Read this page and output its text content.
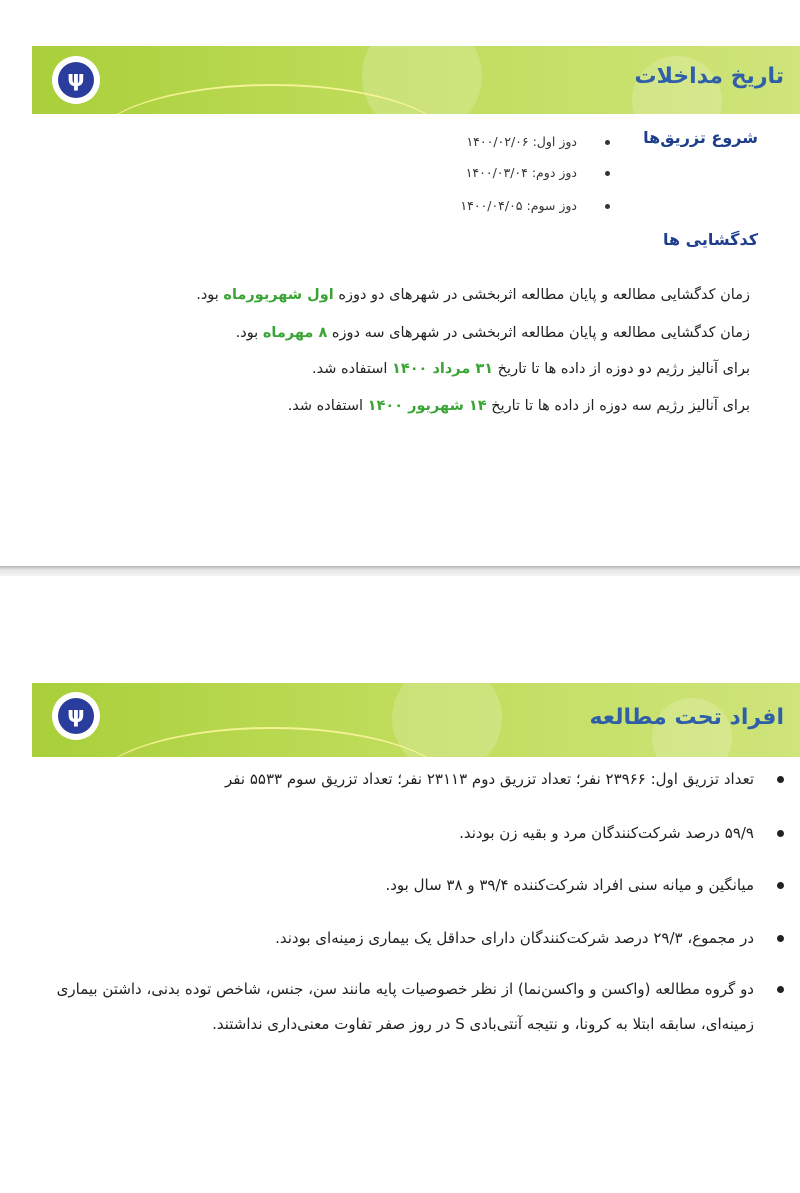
تاریخ مداخلات
ψ
شروع تزریق‌ها
دوز اول: ۱۴۰۰/۰۲/۰۶
دوز دوم: ۱۴۰۰/۰۳/۰۴
دوز سوم: ۱۴۰۰/۰۴/۰۵
کدگشایی ها
زمان کدگشایی مطالعه و پایان مطالعه اثربخشی در شهرهای دو دوزه اول شهریورماه بود.
زمان کدگشایی مطالعه و پایان مطالعه اثربخشی در شهرهای سه دوزه ۸ مهرماه بود.
برای آنالیز رژیم دو دوزه از داده ها تا تاریخ ۳۱ مرداد ۱۴۰۰ استفاده شد.
برای آنالیز رژیم سه دوزه از داده ها تا تاریخ ۱۴ شهریور ۱۴۰۰ استفاده شد.
افراد تحت مطالعه
ψ
تعداد تزریق اول: ۲۳۹۶۶ نفر؛ تعداد تزریق دوم ۲۳۱۱۳ نفر؛ تعداد تزریق سوم ۵۵۳۳ نفر
۵۹/۹ درصد شرکت‌کنندگان مرد و بقیه زن بودند.
میانگین و میانه سنی افراد شرکت‌کننده ۳۹/۴ و ۳۸ سال بود.
در مجموع، ۲۹/۳ درصد شرکت‌کنندگان دارای حداقل یک بیماری زمینه‌ای بودند.
دو گروه مطالعه (واکسن و واکسن‌نما) از نظر خصوصیات پایه مانند سن، جنس، شاخص توده بدنی، داشتن بیماری زمینه‌ای، سابقه ابتلا به کرونا، و نتیجه آنتی‌بادی S در روز صفر تفاوت معنی‌داری نداشتند.
